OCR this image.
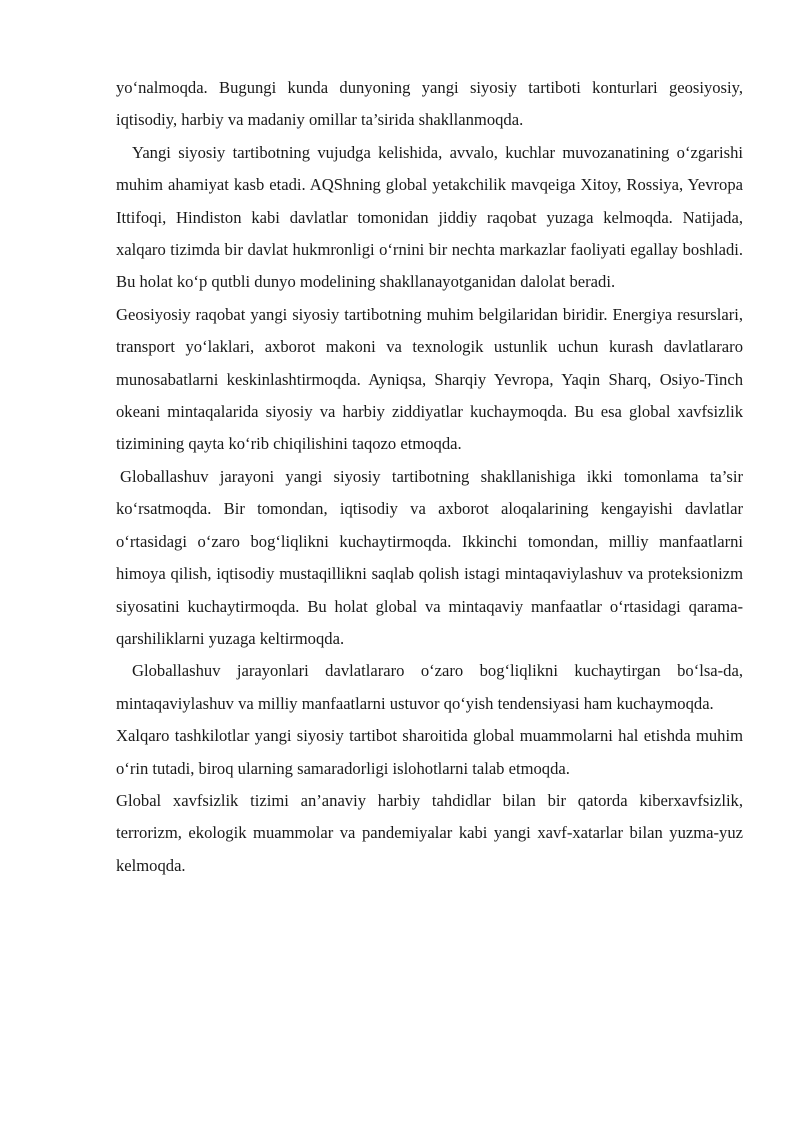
yo‘nalmoqda. Bugungi kunda dunyoning yangi siyosiy tartiboti konturlari geosiyosiy, iqtisodiy, harbiy va madaniy omillar ta’sirida shakllanmoqda.

Yangi siyosiy tartibotning vujudga kelishida, avvalo, kuchlar muvozanatining o‘zgarishi muhim ahamiyat kasb etadi. AQShning global yetakchilik mavqeiga Xitoy, Rossiya, Yevropa Ittifoqi, Hindiston kabi davlatlar tomonidan jiddiy raqobat yuzaga kelmoqda. Natijada, xalqaro tizimda bir davlat hukmronligi o‘rnini bir nechta markazlar faoliyati egallay boshladi. Bu holat ko‘p qutbli dunyo modelining shakllanayotganidan dalolat beradi.

Geosiyosiy raqobat yangi siyosiy tartibotning muhim belgilaridan biridir. Energiya resurslari, transport yo‘laklari, axborot makoni va texnologik ustunlik uchun kurash davlatlararo munosabatlarni keskinlashtirmoqda. Ayniqsa, Sharqiy Yevropa, Yaqin Sharq, Osiyo-Tinch okeani mintaqalarida siyosiy va harbiy ziddiyatlar kuchaymoqda. Bu esa global xavfsizlik tizimining qayta ko‘rib chiqilishini taqozo etmoqda.

Globallashuv jarayoni yangi siyosiy tartibotning shakllanishiga ikki tomonlama ta’sir ko‘rsatmoqda. Bir tomondan, iqtisodiy va axborot aloqalarining kengayishi davlatlar o‘rtasidagi o‘zaro bog‘liqlikni kuchaytirmoqda. Ikkinchi tomondan, milliy manfaatlarni himoya qilish, iqtisodiy mustaqillikni saqlab qolish istagi mintaqaviylashuv va proteksionizm siyosatini kuchaytirmoqda. Bu holat global va mintaqaviy manfaatlar o‘rtasidagi qarama-qarshiliklarni yuzaga keltirmoqda.

Globallashuv jarayonlari davlatlararo o‘zaro bog‘liqlikni kuchaytirgan bo‘lsa-da, mintaqaviylashuv va milliy manfaatlarni ustuvor qo‘yish tendensiyasi ham kuchaymoqda.

Xalqaro tashkilotlar yangi siyosiy tartibot sharoitida global muammolarni hal etishda muhim o‘rin tutadi, biroq ularning samaradorligi islohotlarni talab etmoqda.

Global xavfsizlik tizimi an’anaviy harbiy tahdidlar bilan bir qatorda kiberxavfsizlik, terrorizm, ekologik muammolar va pandemiyalar kabi yangi xavf-xatarlar bilan yuzma-yuz kelmoqda.
